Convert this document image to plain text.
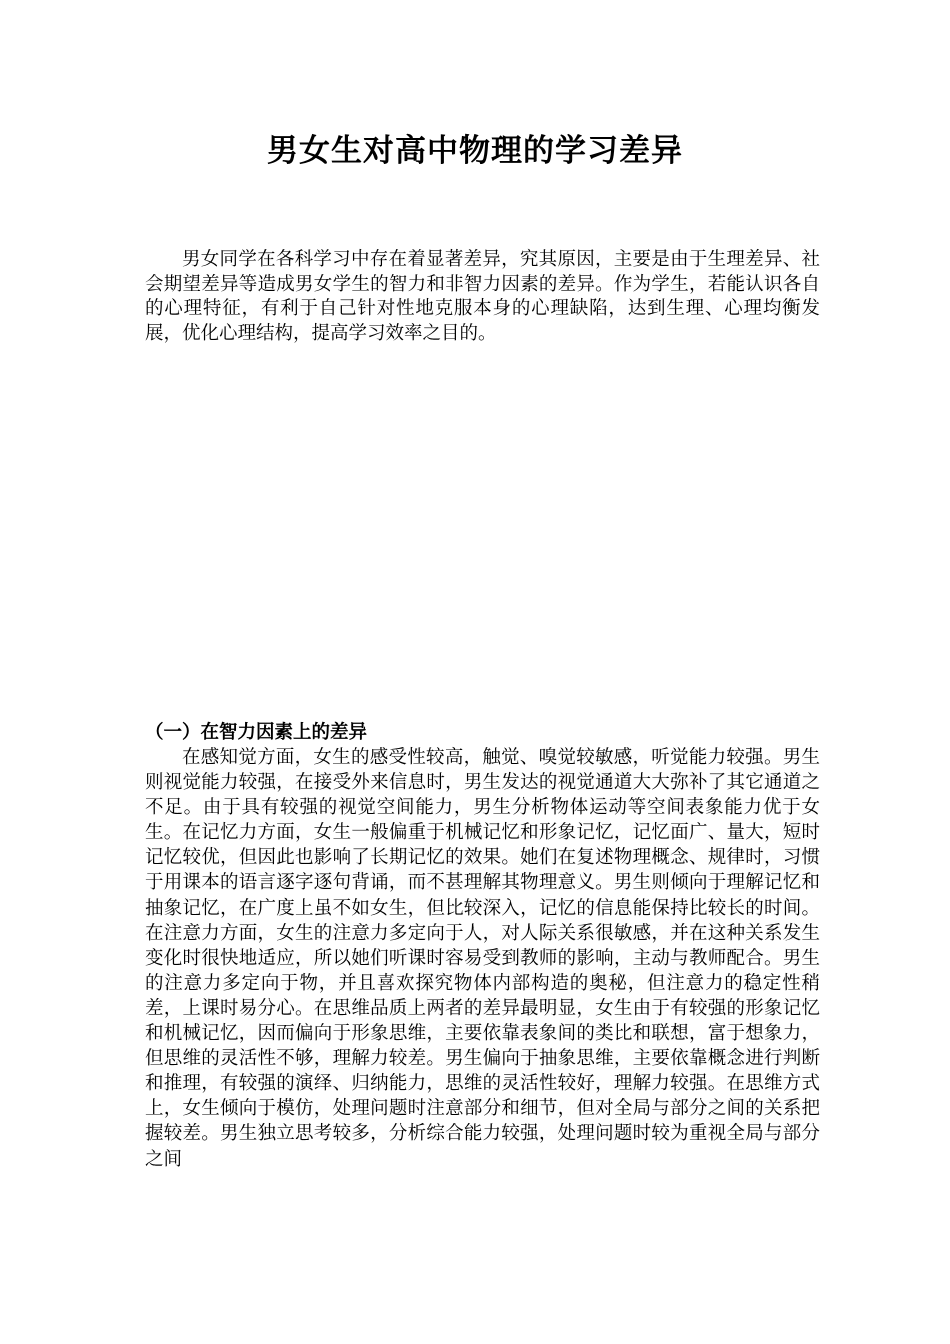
男女生对高中物理的学习差异

男女同学在各科学习中存在着显著差异，究其原因，主要是由于生理差异、社会期望差异等造成男女学生的智力和非智力因素的差异。作为学生，若能认识各自的心理特征，有利于自己针对性地克服本身的心理缺陷，达到生理、心理均衡发展，优化心理结构，提高学习效率之目的。

（一）在智力因素上的差异

在感知觉方面，女生的感受性较高，触觉、嗅觉较敏感，听觉能力较强。男生则视觉能力较强，在接受外来信息时，男生发达的视觉通道大大弥补了其它通道之不足。由于具有较强的视觉空间能力，男生分析物体运动等空间表象能力优于女生。在记忆力方面，女生一般偏重于机械记忆和形象记忆，记忆面广、量大，短时记忆较优，但因此也影响了长期记忆的效果。她们在复述物理概念、规律时，习惯于用课本的语言逐字逐句背诵，而不甚理解其物理意义。男生则倾向于理解记忆和抽象记忆，在广度上虽不如女生，但比较深入，记忆的信息能保持比较长的时间。在注意力方面，女生的注意力多定向于人，对人际关系很敏感，并在这种关系发生变化时很快地适应，所以她们听课时容易受到教师的影响，主动与教师配合。男生的注意力多定向于物，并且喜欢探究物体内部构造的奥秘，但注意力的稳定性稍差，上课时易分心。在思维品质上两者的差异最明显，女生由于有较强的形象记忆和机械记忆，因而偏向于形象思维，主要依靠表象间的类比和联想，富于想象力，但思维的灵活性不够，理解力较差。男生偏向于抽象思维，主要依靠概念进行判断和推理，有较强的演绎、归纳能力，思维的灵活性较好，理解力较强。在思维方式上，女生倾向于模仿，处理问题时注意部分和细节，但对全局与部分之间的关系把握较差。男生独立思考较多，分析综合能力较强，处理问题时较为重视全局与部分之间
